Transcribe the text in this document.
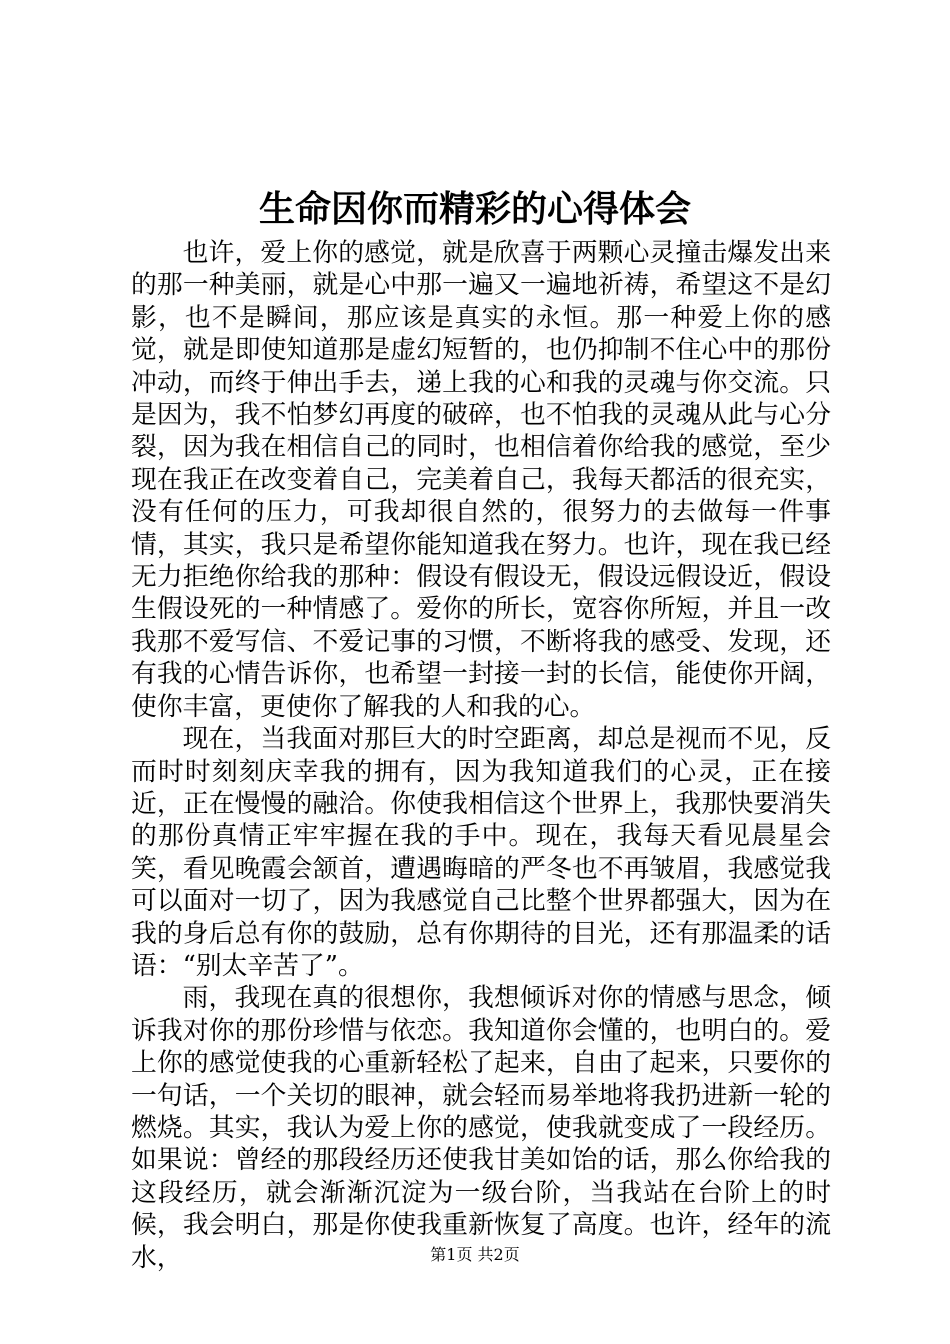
生命因你而精彩的心得体会

也许，爱上你的感觉，就是欣喜于两颗心灵撞击爆发出来的那一种美丽，就是心中那一遍又一遍地祈祷，希望这不是幻影，也不是瞬间，那应该是真实的永恒。那一种爱上你的感觉，就是即使知道那是虚幻短暂的，也仍抑制不住心中的那份冲动，而终于伸出手去，递上我的心和我的灵魂与你交流。只是因为，我不怕梦幻再度的破碎，也不怕我的灵魂从此与心分裂，因为我在相信自己的同时，也相信着你给我的感觉，至少现在我正在改变着自己，完美着自己，我每天都活的很充实，没有任何的压力，可我却很自然的，很努力的去做每一件事情，其实，我只是希望你能知道我在努力。也许，现在我已经无力拒绝你给我的那种：假设有假设无，假设远假设近，假设生假设死的一种情感了。爱你的所长，宽容你所短，并且一改我那不爱写信、不爱记事的习惯，不断将我的感受、发现，还有我的心情告诉你，也希望一封接一封的长信，能使你开阔，使你丰富，更使你了解我的人和我的心。

现在，当我面对那巨大的时空距离，却总是视而不见，反而时时刻刻庆幸我的拥有，因为我知道我们的心灵，正在接近，正在慢慢的融洽。你使我相信这个世界上，我那快要消失的那份真情正牢牢握在我的手中。现在，我每天看见晨星会笑，看见晚霞会颔首，遭遇晦暗的严冬也不再皱眉，我感觉我可以面对一切了，因为我感觉自己比整个世界都强大，因为在我的身后总有你的鼓励，总有你期待的目光，还有那温柔的话语：“别太辛苦了”。

雨，我现在真的很想你，我想倾诉对你的情感与思念，倾诉我对你的那份珍惜与依恋。我知道你会懂的，也明白的。爱上你的感觉使我的心重新轻松了起来，自由了起来，只要你的一句话，一个关切的眼神，就会轻而易举地将我扔进新一轮的燃烧。其实，我认为爱上你的感觉，使我就变成了一段经历。如果说：曾经的那段经历还使我甘美如饴的话，那么你给我的这段经历，就会渐渐沉淀为一级台阶，当我站在台阶上的时候，我会明白，那是你使我重新恢复了高度。也许，经年的流水，	第1页 共2页
